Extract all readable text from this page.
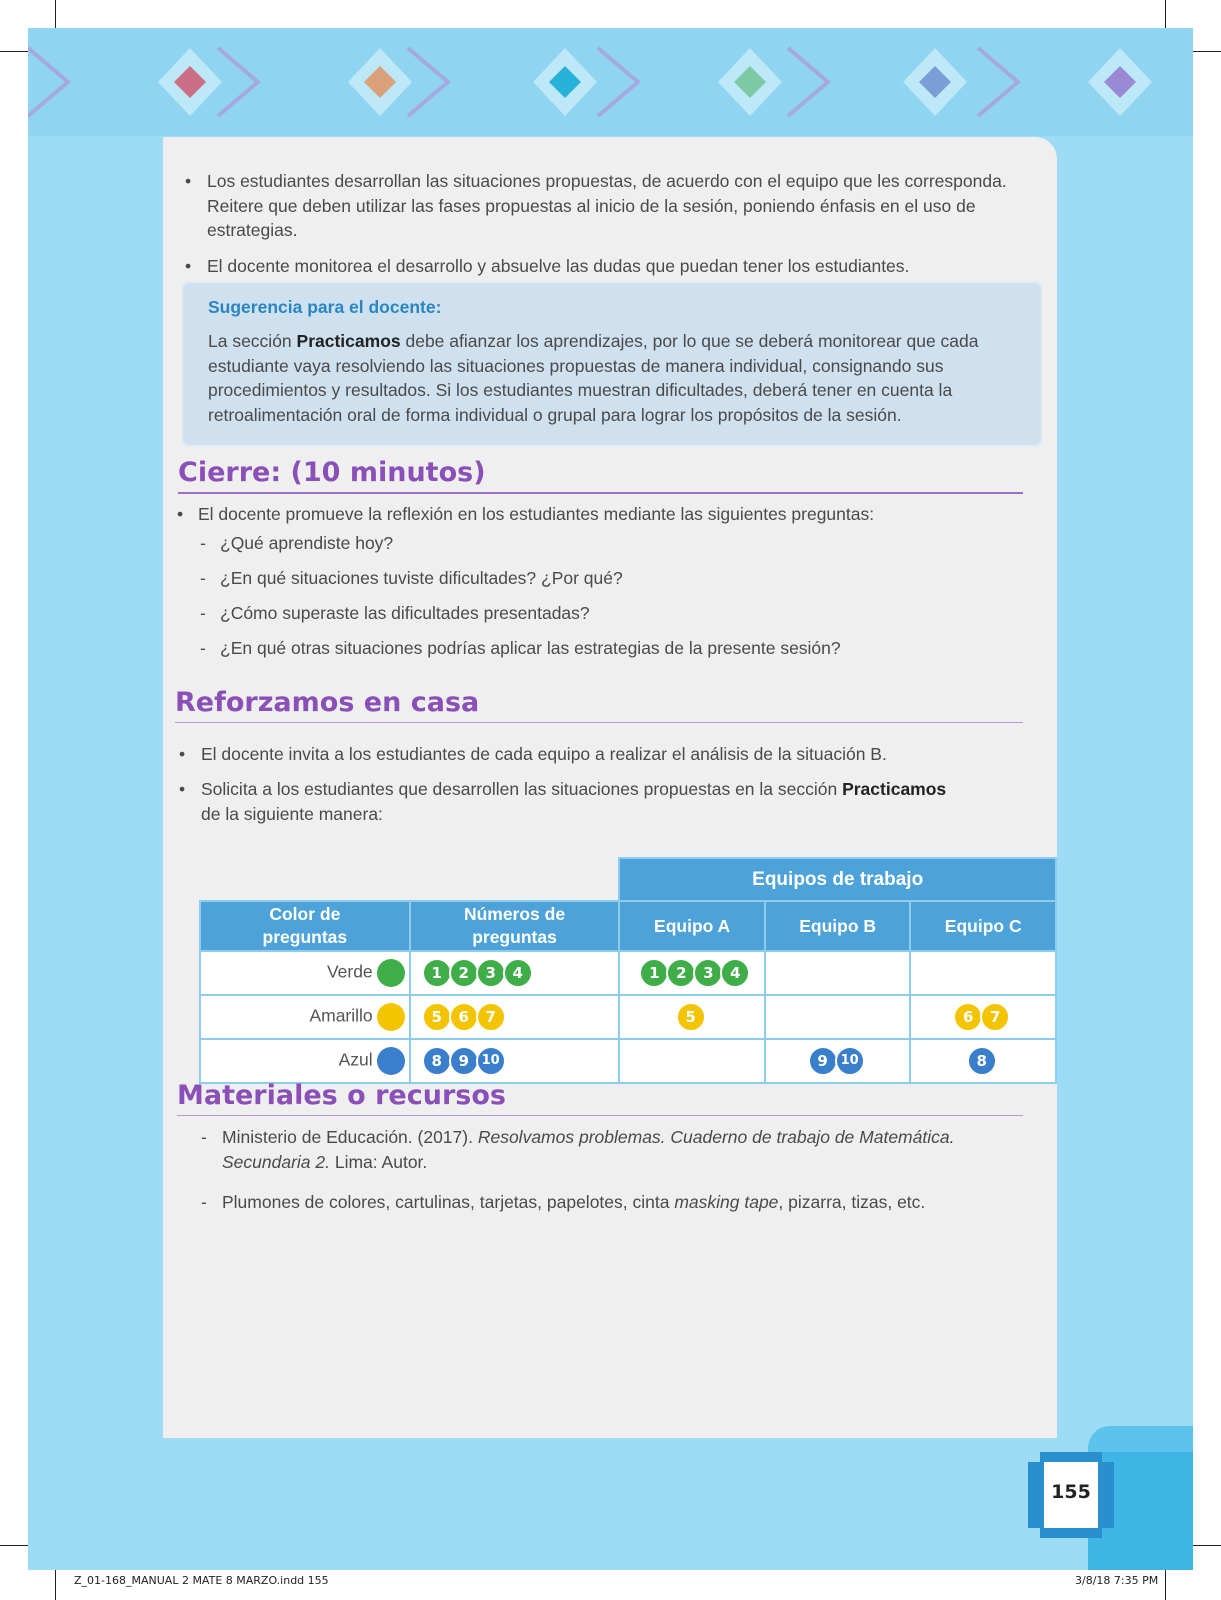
• Los estudiantes desarrollan las situaciones propuestas, de acuerdo con el equipo que les corresponda. Reitere que deben utilizar las fases propuestas al inicio de la sesión, poniendo énfasis en el uso de estrategias.
• El docente monitorea el desarrollo y absuelve las dudas que puedan tener los estudiantes.
Sugerencia para el docente:
La sección Practicamos debe afianzar los aprendizajes, por lo que se deberá monitorear que cada estudiante vaya resolviendo las situaciones propuestas de manera individual, consignando sus procedimientos y resultados. Si los estudiantes muestran dificultades, deberá tener en cuenta la retroalimentación oral de forma individual o grupal para lograr los propósitos de la sesión.
Cierre: (10 minutos)
• El docente promueve la reflexión en los estudiantes mediante las siguientes preguntas:
- ¿Qué aprendiste hoy?
- ¿En qué situaciones tuviste dificultades? ¿Por qué?
- ¿Cómo superaste las dificultades presentadas?
- ¿En qué otras situaciones podrías aplicar las estrategias de la presente sesión?
Reforzamos en casa
• El docente invita a los estudiantes de cada equipo a realizar el análisis de la situación B.
• Solicita a los estudiantes que desarrollen las situaciones propuestas en la sección Practicamos de la siguiente manera:
		Equipos de trabajo		
Color de preguntas	Números de preguntas	Equipo A	Equipo B	Equipo C
Verde	1 2 3 4	1 2 3 4		
Amarillo	5 6 7	5		6 7
Azul	8 9 10		9 10	8
Materiales o recursos
- Ministerio de Educación. (2017). Resolvamos problemas. Cuaderno de trabajo de Matemática. Secundaria 2. Lima: Autor.
- Plumones de colores, cartulinas, tarjetas, papelotes, cinta masking tape, pizarra, tizas, etc.
155
Z_01-168_MANUAL 2 MATE 8 MARZO.indd 155	3/8/18 7:35 PM
